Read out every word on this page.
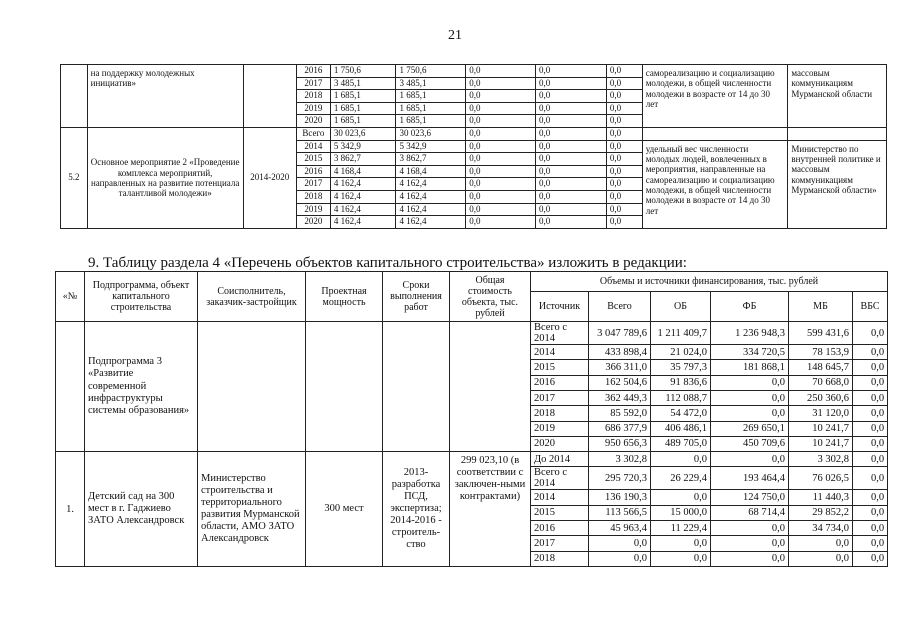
21
	на поддержку молодежных инициатив»		2016	1 750,6	1 750,6	0,0	0,0	0,0	самореализацию и социализацию молодежи, в общей численности молодежи в возрасте от 14 до 30 лет	массовым коммуникациям Мурманской области
			2017	3 485,1	3 485,1	0,0	0,0	0,0		
			2018	1 685,1	1 685,1	0,0	0,0	0,0		
			2019	1 685,1	1 685,1	0,0	0,0	0,0		
			2020	1 685,1	1 685,1	0,0	0,0	0,0		
5.2	Основное мероприятие 2 «Проведение комплекса мероприятий, направленных на развитие потенциала талантливой молодежи»	2014-2020	Всего	30 023,6	30 023,6	0,0	0,0	0,0		
			2014	5 342,9	5 342,9	0,0	0,0	0,0	удельный вес численности молодых людей, вовлеченных в мероприятия, направленные на самореализацию и социализацию молодежи, в общей численности молодежи в возрасте от 14 до 30 лет	Министерство по внутренней политике и массовым коммуникациям Мурманской области»
			2015	3 862,7	3 862,7	0,0	0,0	0,0		
			2016	4 168,4	4 168,4	0,0	0,0	0,0		
			2017	4 162,4	4 162,4	0,0	0,0	0,0		
			2018	4 162,4	4 162,4	0,0	0,0	0,0		
			2019	4 162,4	4 162,4	0,0	0,0	0,0		
			2020	4 162,4	4 162,4	0,0	0,0	0,0		
9. Таблицу раздела 4 «Перечень объектов капитального строительства» изложить в редакции:
«№	Подпрограмма, объект капитального строительства	Соисполнитель, заказчик-застройщик	Проектная мощность	Сроки выполнения работ	Общая стоимость объекта, тыс. рублей	Объемы и источники финансирования, тыс. рублей					
						Источник	Всего	ОБ	ФБ	МБ	ВБС
	Подпрограмма 3 «Развитие современной инфраструктуры системы образования»					Всего с 2014	3 047 789,6	1 211 409,7	1 236 948,3	599 431,6	0,0
						2014	433 898,4	21 024,0	334 720,5	78 153,9	0,0
						2015	366 311,0	35 797,3	181 868,1	148 645,7	0,0
						2016	162 504,6	91 836,6	0,0	70 668,0	0,0
						2017	362 449,3	112 088,7	0,0	250 360,6	0,0
						2018	85 592,0	54 472,0	0,0	31 120,0	0,0
						2019	686 377,9	406 486,1	269 650,1	10 241,7	0,0
						2020	950 656,3	489 705,0	450 709,6	10 241,7	0,0
1.	Детский сад на 300 мест в г. Гаджиево ЗАТО Александровск	Министерство строительства и территориального развития Мурманской области, АМО ЗАТО Александровск	300 мест	2013-разработка ПСД, экспертиза; 2014-2016 - строитель-ство	299 023,10 (в соответствии с заключен-ными контрактами)	До 2014	3 302,8	0,0	0,0	3 302,8	0,0
						Всего с 2014	295 720,3	26 229,4	193 464,4	76 026,5	0,0
						2014	136 190,3	0,0	124 750,0	11 440,3	0,0
						2015	113 566,5	15 000,0	68 714,4	29 852,2	0,0
						2016	45 963,4	11 229,4	0,0	34 734,0	0,0
						2017	0,0	0,0	0,0	0,0	0,0
						2018	0,0	0,0	0,0	0,0	0,0
